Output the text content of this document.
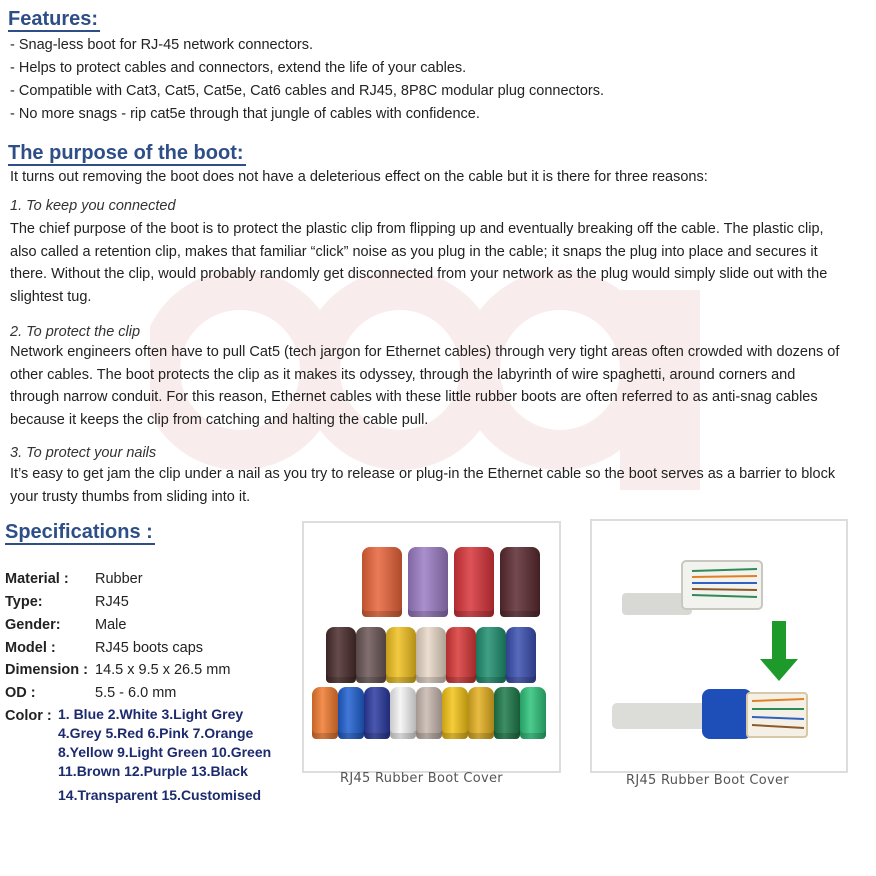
Features:
- Snag-less boot for RJ-45 network connectors.
- Helps to protect cables and connectors, extend the life of your cables.
- Compatible with Cat3, Cat5, Cat5e, Cat6 cables and RJ45, 8P8C modular plug connectors.
- No more snags - rip cat5e through that jungle of cables with confidence.
The purpose of the boot:
It turns out removing the boot does not have a deleterious effect on the cable but it is there for three reasons:
1. To keep you connected
The chief purpose of the boot is to protect the plastic clip from flipping up and eventually breaking off the cable. The plastic clip, also called a retention clip, makes that familiar “click” noise as you plug in the cable; it snaps the plug into place and secures it there. Without the clip, would probably randomly get disconnected from your network as the plug would simply slide out with the slightest tug.
2. To protect the clip
Network engineers often have to pull Cat5 (tech jargon for Ethernet cables) through very tight areas often crowded with dozens of other cables. The boot protects the clip as it makes its odyssey, through the labyrinth of wire spaghetti, around corners and through narrow conduit. For this reason, Ethernet cables with these little rubber boots are often referred to as anti-snag cables because it keeps the clip from catching and halting the cable pull.
3. To protect your nails
It’s easy to get jam the clip under a nail as you try to release or plug-in the Ethernet cable so the boot serves as a barrier to block your trusty thumbs from sliding into it.
Specifications :
Material : Rubber
Type:	RJ45
Gender: Male
Model :	RJ45 boots caps
Dimension : 14.5 x 9.5 x 26.5 mm
OD :	5.5 - 6.0 mm
Color : 1. Blue 2.White 3.Light Grey
4.Grey 5.Red 6.Pink 7.Orange
8.Yellow 9.Light Green 10.Green
11.Brown 12.Purple 13.Black
14.Transparent 15.Customised
RJ45 Rubber Boot Cover	RJ45 Rubber Boot Cover
